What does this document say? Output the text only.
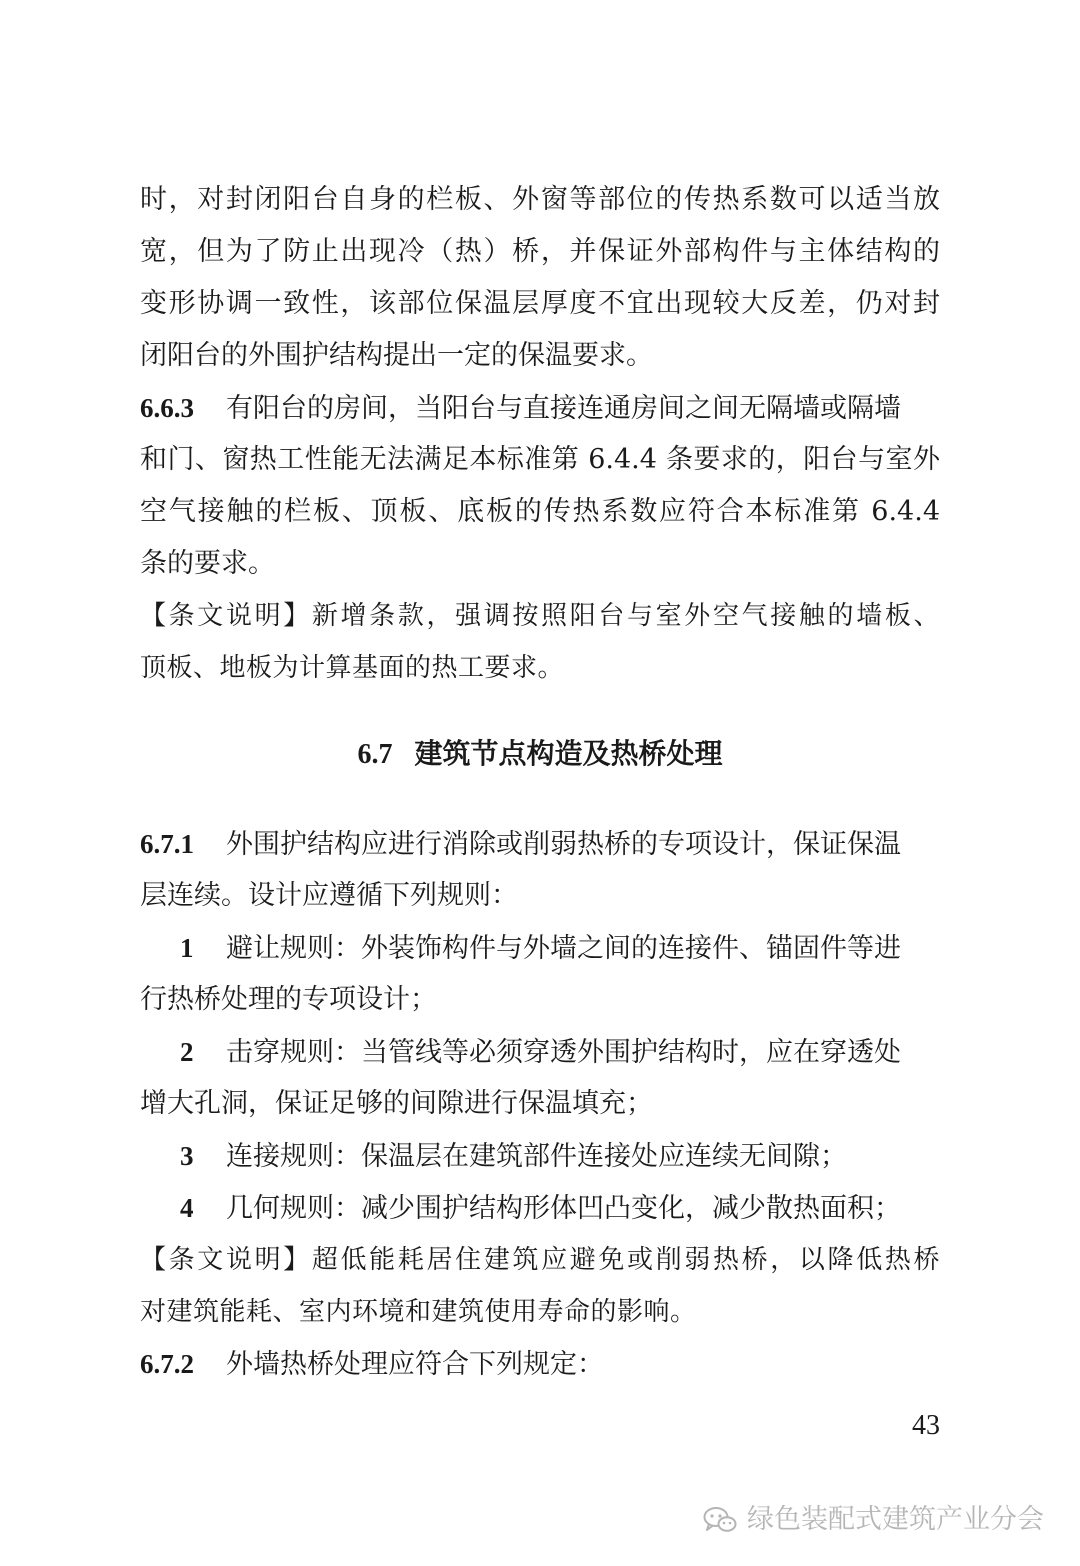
时，对封闭阳台自身的栏板、外窗等部位的传热系数可以适当放
宽，但为了防止出现冷（热）桥，并保证外部构件与主体结构的
变形协调一致性，该部位保温层厚度不宜出现较大反差，仍对封
闭阳台的外围护结构提出一定的保温要求。
6.6.3 有阳台的房间，当阳台与直接连通房间之间无隔墙或隔墙
和门、窗热工性能无法满足本标准第 6.4.4 条要求的，阳台与室外
空气接触的栏板、顶板、底板的传热系数应符合本标准第 6.4.4
条的要求。
【条文说明】新增条款，强调按照阳台与室外空气接触的墙板、
顶板、地板为计算基面的热工要求。
6.7 建筑节点构造及热桥处理
6.7.1 外围护结构应进行消除或削弱热桥的专项设计，保证保温
层连续。设计应遵循下列规则：
1 避让规则：外装饰构件与外墙之间的连接件、锚固件等进
行热桥处理的专项设计；
2 击穿规则：当管线等必须穿透外围护结构时，应在穿透处
增大孔洞，保证足够的间隙进行保温填充；
3 连接规则：保温层在建筑部件连接处应连续无间隙；
4 几何规则：减少围护结构形体凹凸变化，减少散热面积；
【条文说明】超低能耗居住建筑应避免或削弱热桥，以降低热桥
对建筑能耗、室内环境和建筑使用寿命的影响。
6.7.2 外墙热桥处理应符合下列规定：
43
绿色装配式建筑产业分会
